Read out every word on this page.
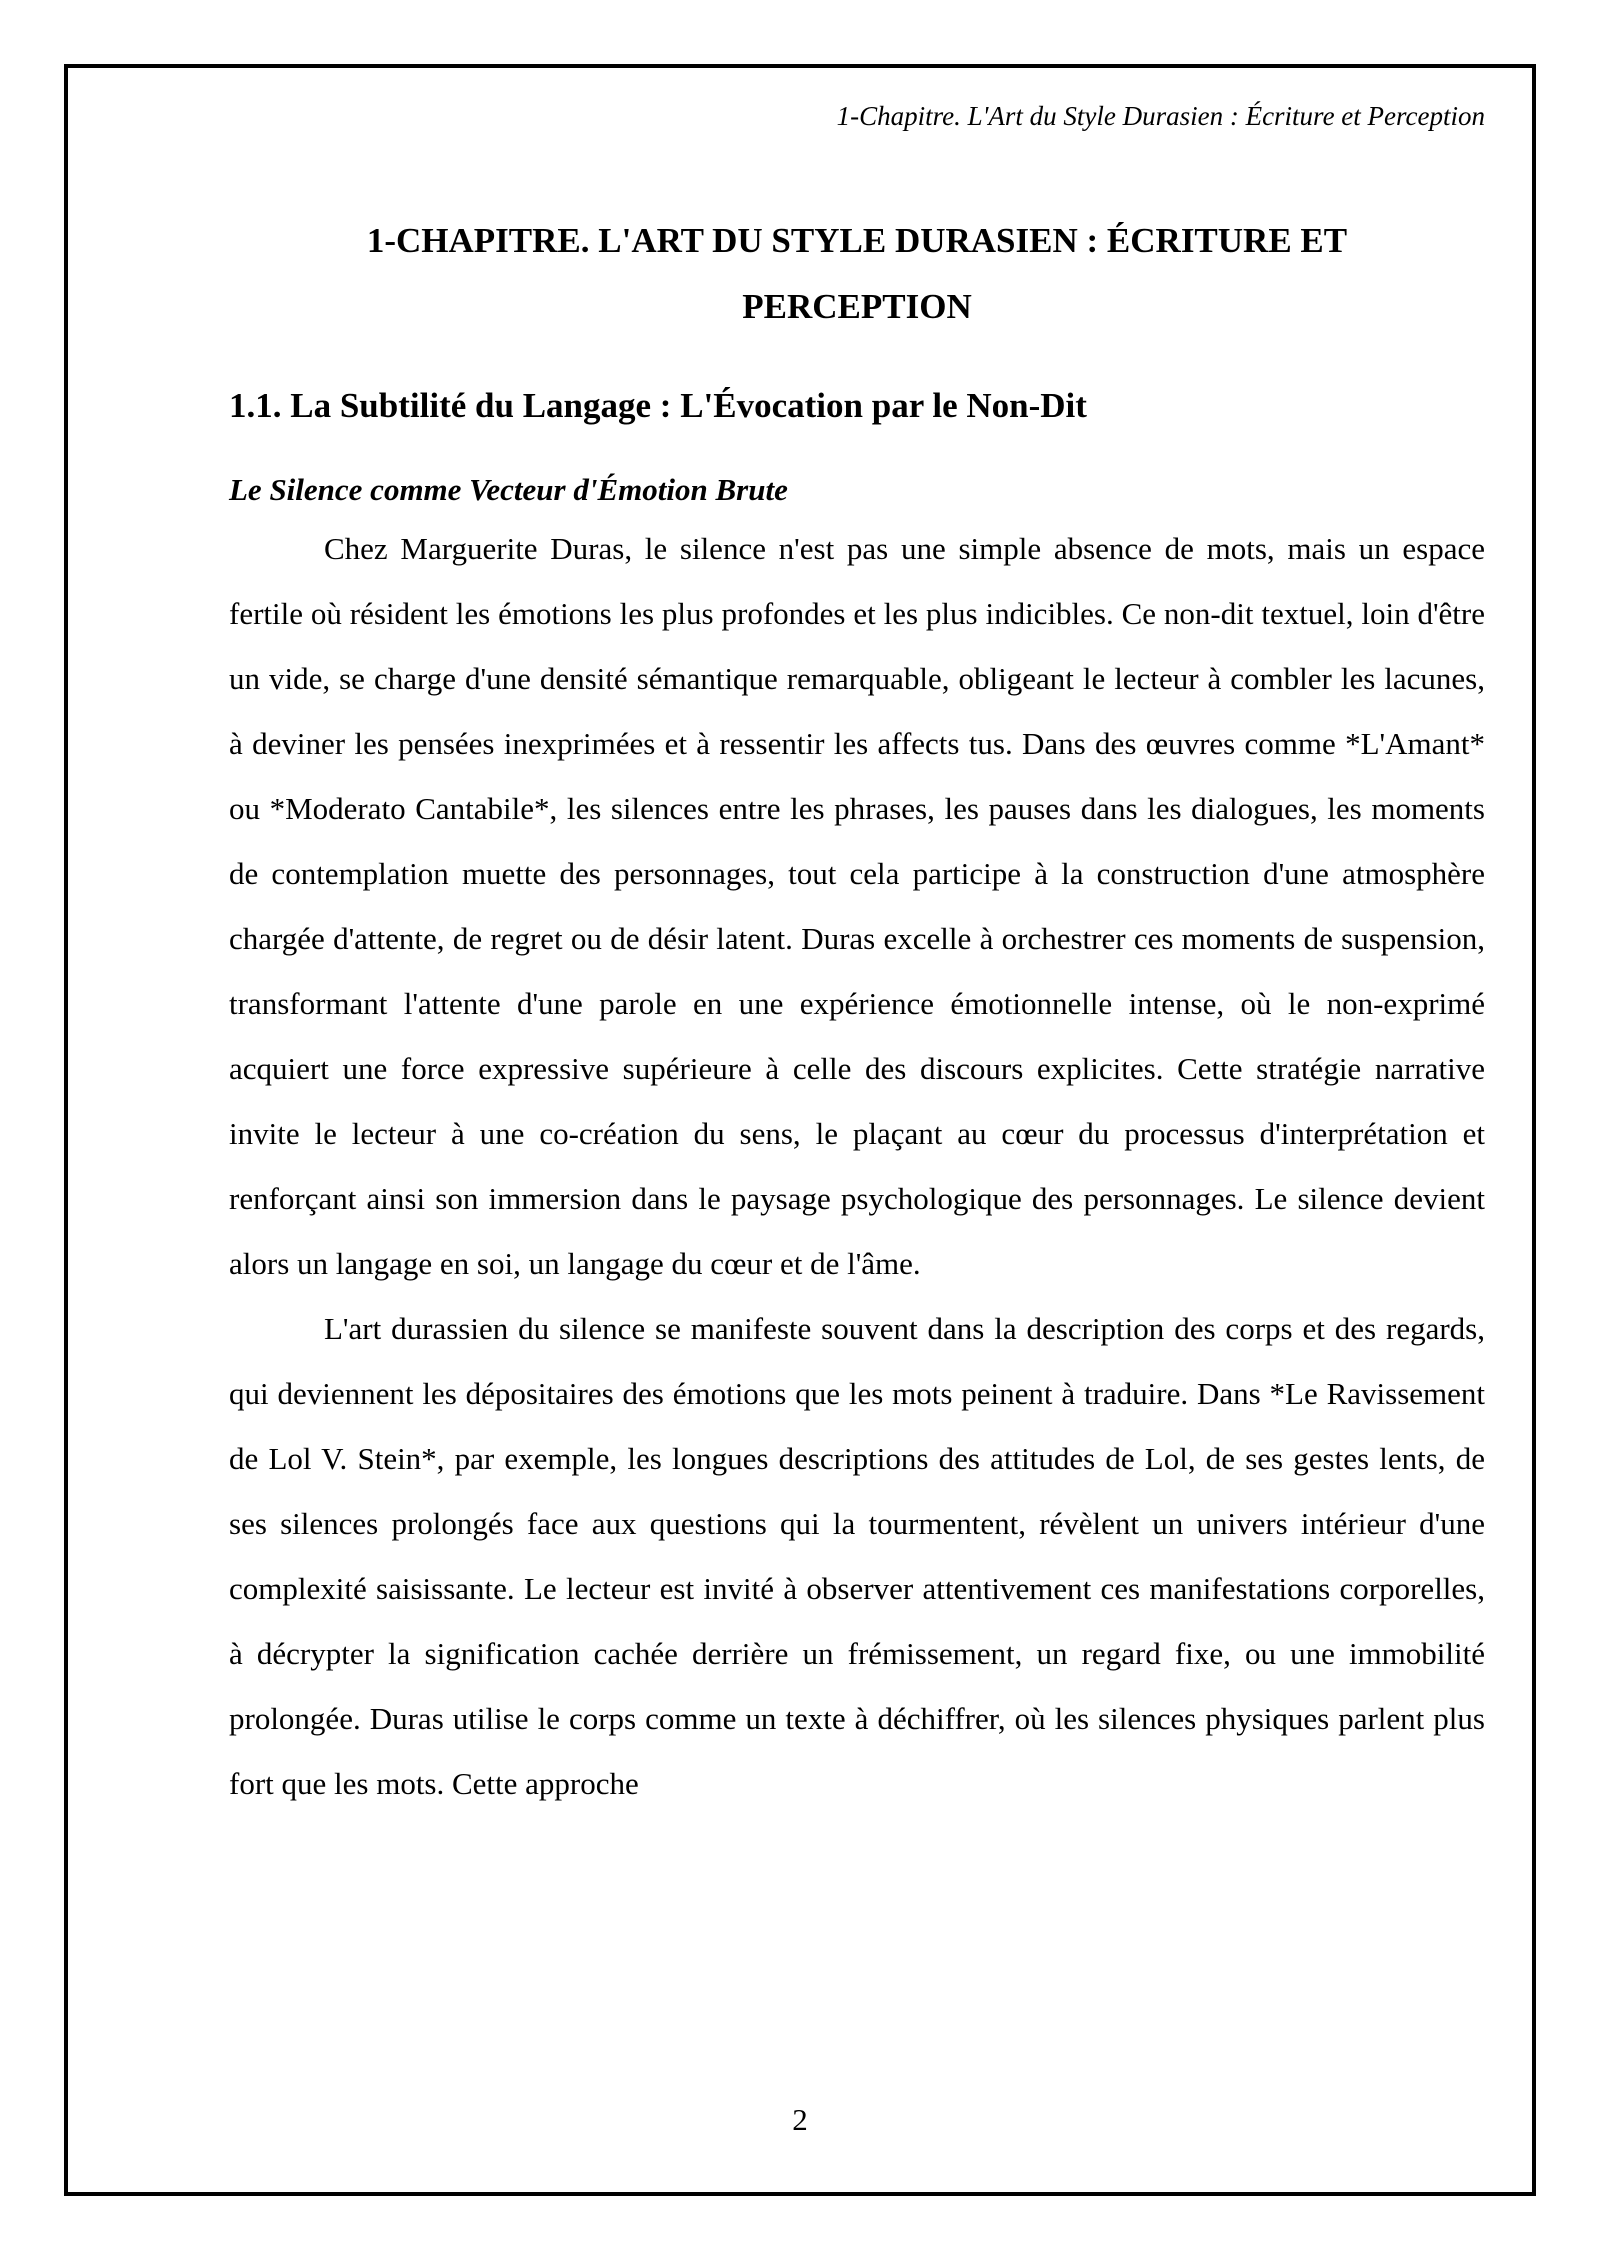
1-Chapitre. L'Art du Style Durasien : Écriture et Perception
1-CHAPITRE. L'ART DU STYLE DURASIEN : ÉCRITURE ET PERCEPTION
1.1. La Subtilité du Langage : L'Évocation par le Non-Dit
Le Silence comme Vecteur d'Émotion Brute

Chez Marguerite Duras, le silence n'est pas une simple absence de mots, mais un espace fertile où résident les émotions les plus profondes et les plus indicibles. Ce non-dit textuel, loin d'être un vide, se charge d'une densité sémantique remarquable, obligeant le lecteur à combler les lacunes, à deviner les pensées inexprimées et à ressentir les affects tus. Dans des œuvres comme *L'Amant* ou *Moderato Cantabile*, les silences entre les phrases, les pauses dans les dialogues, les moments de contemplation muette des personnages, tout cela participe à la construction d'une atmosphère chargée d'attente, de regret ou de désir latent. Duras excelle à orchestrer ces moments de suspension, transformant l'attente d'une parole en une expérience émotionnelle intense, où le non-exprimé acquiert une force expressive supérieure à celle des discours explicites. Cette stratégie narrative invite le lecteur à une co-création du sens, le plaçant au cœur du processus d'interprétation et renforçant ainsi son immersion dans le paysage psychologique des personnages. Le silence devient alors un langage en soi, un langage du cœur et de l'âme.

L'art durassien du silence se manifeste souvent dans la description des corps et des regards, qui deviennent les dépositaires des émotions que les mots peinent à traduire. Dans *Le Ravissement de Lol V. Stein*, par exemple, les longues descriptions des attitudes de Lol, de ses gestes lents, de ses silences prolongés face aux questions qui la tourmentent, révèlent un univers intérieur d'une complexité saisissante. Le lecteur est invité à observer attentivement ces manifestations corporelles, à décrypter la signification cachée derrière un frémissement, un regard fixe, ou une immobilité prolongée. Duras utilise le corps comme un texte à déchiffrer, où les silences physiques parlent plus fort que les mots. Cette approche

2
